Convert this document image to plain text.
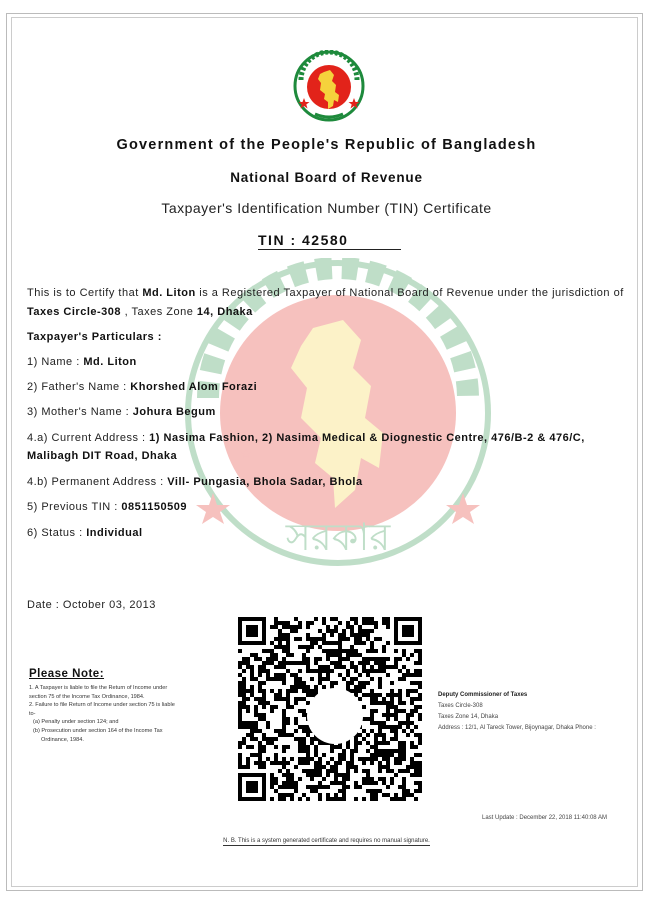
সরকার
Government of the People's Republic of Bangladesh
National Board of Revenue
Taxpayer's Identification Number (TIN) Certificate
TIN : 42580
This is to Certify that Md. Liton is a Registered Taxpayer of National Board of Revenue under the jurisdiction of
Taxes Circle-308 , Taxes Zone 14, Dhaka
Taxpayer's Particulars :
1) Name : Md. Liton
2) Father's Name : Khorshed Alom Forazi
3) Mother's Name : Johura Begum
4.a) Current Address : 1) Nasima Fashion, 2) Nasima Medical & Diognestic Centre, 476/B-2 & 476/C,
Malibagh DIT Road, Dhaka
4.b) Permanent Address : Vill- Pungasia, Bhola Sadar, Bhola
5) Previous TIN : 0851150509
6) Status : Individual
Date : October 03, 2013
Please Note:
1. A Taxpayer is liable to file the Return of Income under
section 75 of the Income Tax Ordinance, 1984.
2. Failure to file Return of Income under section 75 is liable
to-
(a) Penalty under section 124; and
(b) Prosecution under section 164 of the Income Tax
Ordinance, 1984.
Deputy Commissioner of Taxes
Taxes Circle-308
Taxes Zone 14, Dhaka
Address : 12/1, Al Tareck Tower, Bijoynagar, Dhaka Phone :
Last Update : December 22, 2018 11:40:08 AM
N. B. This is a system generated certificate and requires no manual signature.
